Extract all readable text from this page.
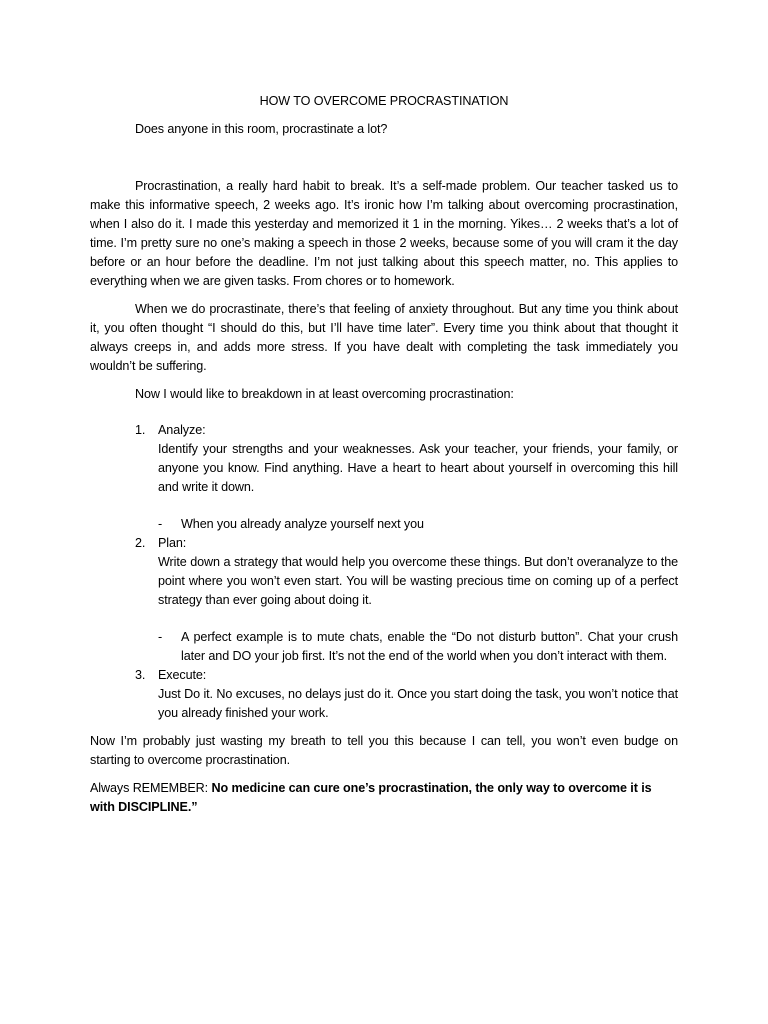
HOW TO OVERCOME PROCRASTINATION
Does anyone in this room, procrastinate a lot?

Procrastination, a really hard habit to break. It’s a self-made problem. Our teacher tasked us to make this informative speech, 2 weeks ago. It’s ironic how I’m talking about overcoming procrastination, when I also do it. I made this yesterday and memorized it 1 in the morning. Yikes… 2 weeks that’s a lot of time. I’m pretty sure no one’s making a speech in those 2 weeks, because some of you will cram it the day before or an hour before the deadline. I’m not just talking about this speech matter, no. This applies to everything when we are given tasks. From chores or to homework.

When we do procrastinate, there’s that feeling of anxiety throughout. But any time you think about it, you often thought “I should do this, but I’ll have time later”. Every time you think about that thought it always creeps in, and adds more stress. If you have dealt with completing the task immediately you wouldn’t be suffering.

Now I would like to breakdown in at least overcoming procrastination:
1. Analyze:
Identify your strengths and your weaknesses. Ask your teacher, your friends, your family, or anyone you know. Find anything. Have a heart to heart about yourself in overcoming this hill and write it down.
- When you already analyze yourself next you
2. Plan:
Write down a strategy that would help you overcome these things. But don’t overanalyze to the point where you won’t even start. You will be wasting precious time on coming up of a perfect strategy than ever going about doing it.
- A perfect example is to mute chats, enable the “Do not disturb button”. Chat your crush later and DO your job first. It’s not the end of the world when you don’t interact with them.
3. Execute:
Just Do it. No excuses, no delays just do it. Once you start doing the task, you won’t notice that you already finished your work.

Now I’m probably just wasting my breath to tell you this because I can tell, you won’t even budge on starting to overcome procrastination.

Always REMEMBER: No medicine can cure one’s procrastination, the only way to overcome it is with DISCIPLINE.”
